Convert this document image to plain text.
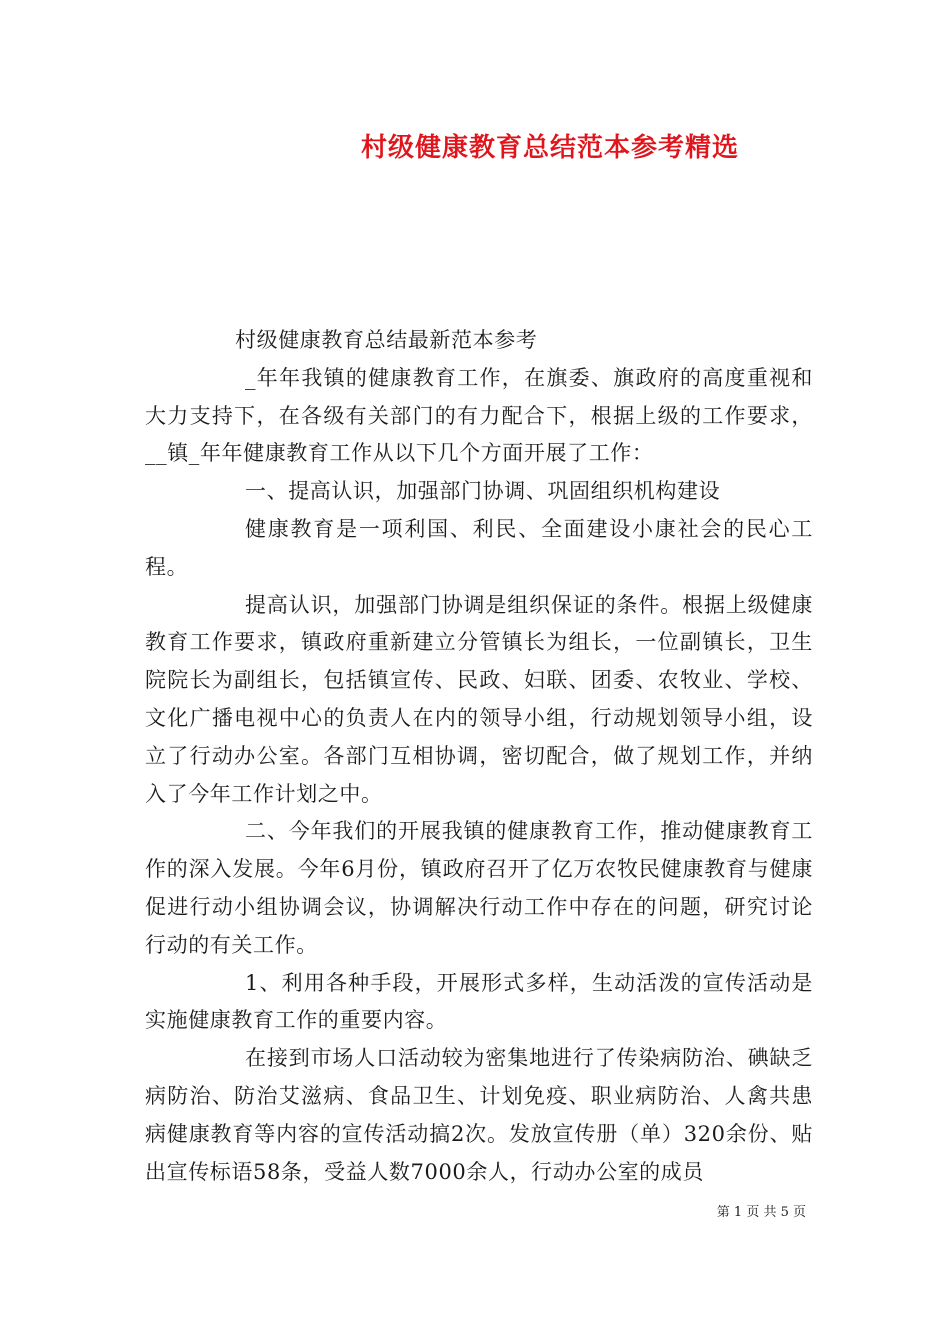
村级健康教育总结范本参考精选

村级健康教育总结最新范本参考

_年年我镇的健康教育工作，在旗委、旗政府的高度重视和大力支持下，在各级有关部门的有力配合下，根据上级的工作要求，__镇_年年健康教育工作从以下几个方面开展了工作：

一、提高认识，加强部门协调、巩固组织机构建设

健康教育是一项利国、利民、全面建设小康社会的民心工程。

提高认识，加强部门协调是组织保证的条件。根据上级健康教育工作要求，镇政府重新建立分管镇长为组长，一位副镇长，卫生院院长为副组长，包括镇宣传、民政、妇联、团委、农牧业、学校、文化广播电视中心的负责人在内的领导小组，行动规划领导小组，设立了行动办公室。各部门互相协调，密切配合，做了规划工作，并纳入了今年工作计划之中。

二、今年我们的开展我镇的健康教育工作，推动健康教育工作的深入发展。今年6月份，镇政府召开了亿万农牧民健康教育与健康促进行动小组协调会议，协调解决行动工作中存在的问题，研究讨论行动的有关工作。

1、利用各种手段，开展形式多样，生动活泼的宣传活动是实施健康教育工作的重要内容。

在接到市场人口活动较为密集地进行了传染病防治、碘缺乏病防治、防治艾滋病、食品卫生、计划免疫、职业病防治、人禽共患病健康教育等内容的宣传活动搞2次。发放宣传册（单）320余份、贴出宣传标语58条，受益人数7000余人，行动办公室的成员

第 1 页 共 5 页
